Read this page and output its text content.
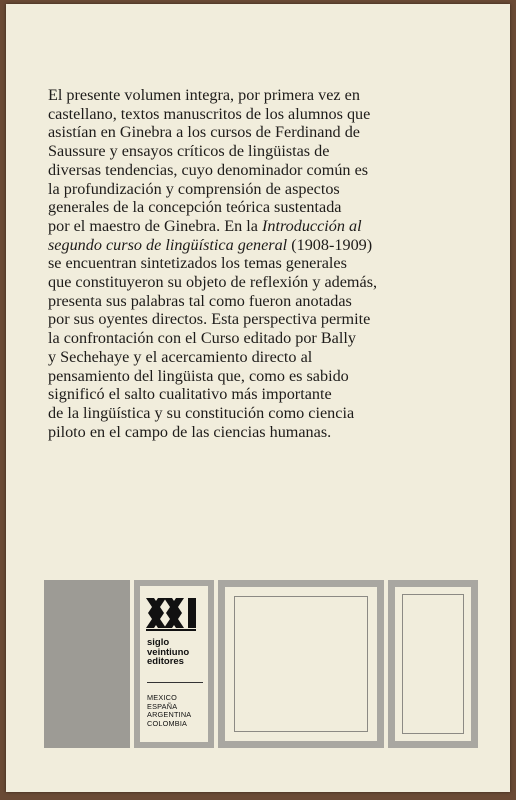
El presente volumen integra, por primera vez en
castellano, textos manuscritos de los alumnos que
asistían en Ginebra a los cursos de Ferdinand de
Saussure y ensayos críticos de lingüistas de
diversas tendencias, cuyo denominador común es
la profundización y comprensión de aspectos
generales de la concepción teórica sustentada
por el maestro de Ginebra. En la Introducción al
segundo curso de lingüística general (1908-1909)
se encuentran sintetizados los temas generales
que constituyeron su objeto de reflexión y además,
presenta sus palabras tal como fueron anotadas
por sus oyentes directos. Esta perspectiva permite
la confrontación con el Curso editado por Bally
y Sechehaye y el acercamiento directo al
pensamiento del lingüista que, como es sabido
significó el salto cualitativo más importante
de la lingüística y su constitución como ciencia
piloto en el campo de las ciencias humanas.
siglo
veintiuno
editores
MEXICO
ESPAÑA
ARGENTINA
COLOMBIA
